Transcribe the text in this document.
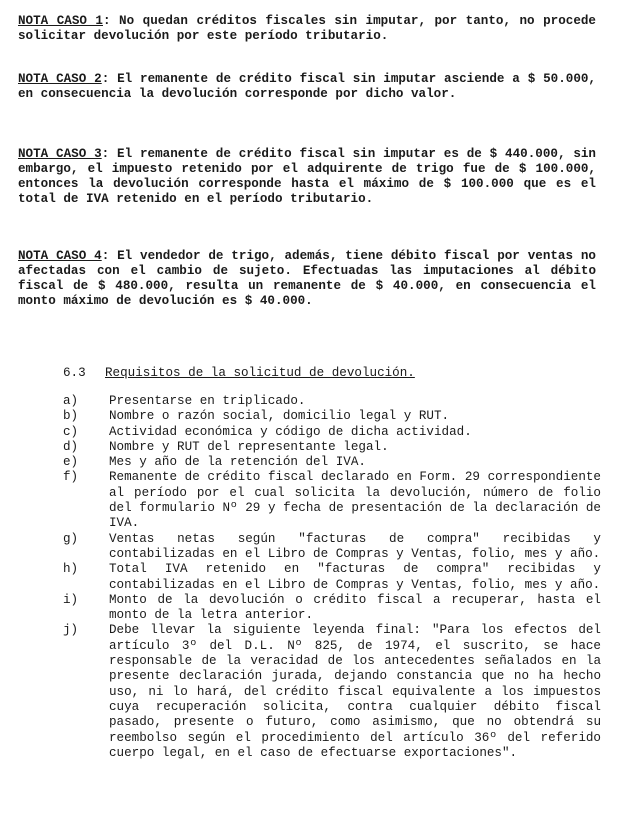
NOTA CASO 1: No quedan créditos fiscales sin imputar, por tanto, no procede solicitar devolución por este período tributario.
NOTA CASO 2: El remanente de crédito fiscal sin imputar asciende a $ 50.000, en consecuencia la devolución corresponde por dicho valor.
NOTA CASO 3: El remanente de crédito fiscal sin imputar es de $ 440.000, sin embargo, el impuesto retenido por el adquirente de trigo fue de $ 100.000, entonces la devolución corresponde hasta el máximo de $ 100.000 que es el total de IVA retenido en el período tributario.
NOTA CASO 4: El vendedor de trigo, además, tiene débito fiscal por ventas no afectadas con el cambio de sujeto. Efectuadas las imputaciones al débito fiscal de $ 480.000, resulta un remanente de $ 40.000, en consecuencia el monto máximo de devolución es $ 40.000.
6.3 Requisitos de la solicitud de devolución.
a)	Presentarse en triplicado.
b)	Nombre o razón social, domicilio legal y RUT.
c)	Actividad económica y código de dicha actividad.
d)	Nombre y RUT del representante legal.
e)	Mes y año de la retención del IVA.
f)	Remanente de crédito fiscal declarado en Form. 29 correspondiente al período por el cual solicita la devolución, número de folio del formulario Nº 29 y fecha de presentación de la declaración de IVA.
g)	Ventas netas según "facturas de compra" recibidas y contabilizadas en el Libro de Compras y Ventas, folio, mes y año.
h)	Total IVA retenido en "facturas de compra" recibidas y contabilizadas en el Libro de Compras y Ventas, folio, mes y año.
i)	Monto de la devolución o crédito fiscal a recuperar, hasta el monto de la letra anterior.
j)	Debe llevar la siguiente leyenda final: "Para los efectos del artículo 3º del D.L. Nº 825, de 1974, el suscrito, se hace responsable de la veracidad de los antecedentes señalados en la presente declaración jurada, dejando constancia que no ha hecho uso, ni lo hará, del crédito fiscal equivalente a los impuestos cuya recuperación solicita, contra cualquier débito fiscal pasado, presente o futuro, como asimismo, que no obtendrá su reembolso según el procedimiento del artículo 36º del referido cuerpo legal, en el caso de efectuarse exportaciones".
